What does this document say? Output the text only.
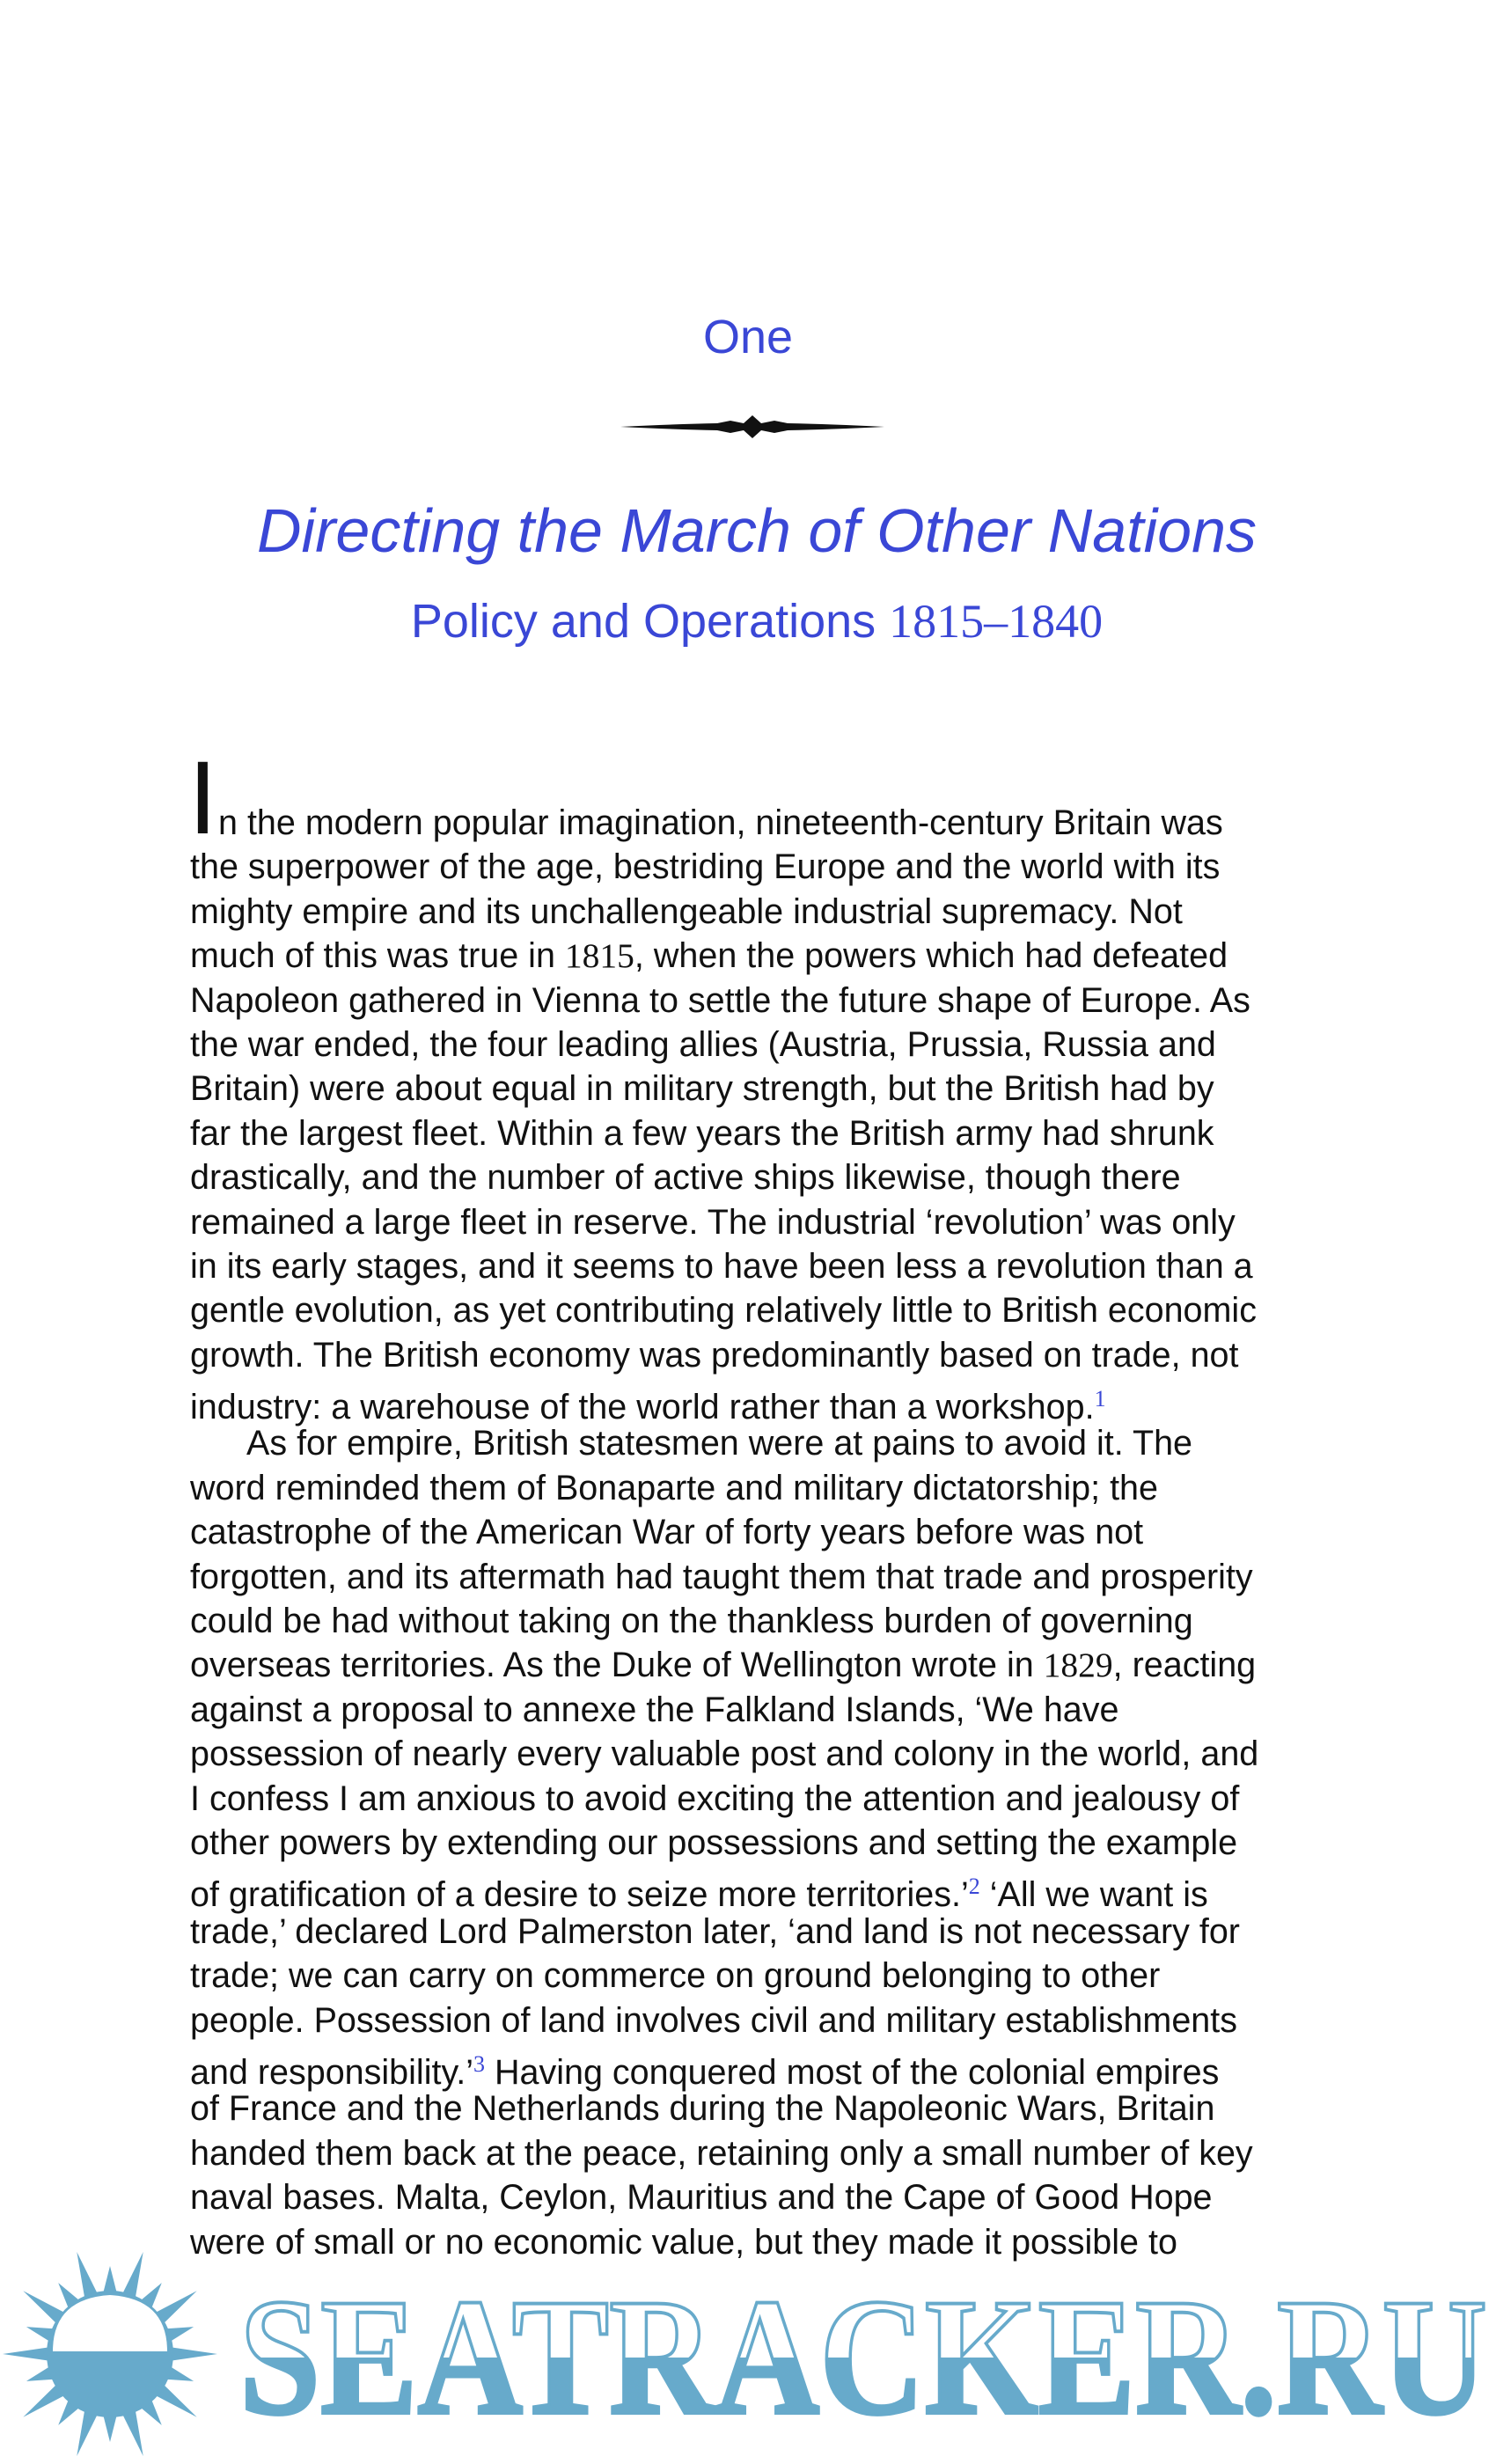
One
Directing the March of Other Nations
Policy and Operations 1815–1840
I n the modern popular imagination, nineteenth-century Britain was
the superpower of the age, bestriding Europe and the world with its
mighty empire and its unchallengeable industrial supremacy. Not
much of this was true in 1815, when the powers which had defeated
Napoleon gathered in Vienna to settle the future shape of Europe. As
the war ended, the four leading allies (Austria, Prussia, Russia and
Britain) were about equal in military strength, but the British had by
far the largest fleet. Within a few years the British army had shrunk
drastically, and the number of active ships likewise, though there
remained a large fleet in reserve. The industrial ‘revolution’ was only
in its early stages, and it seems to have been less a revolution than a
gentle evolution, as yet contributing relatively little to British economic
growth. The British economy was predominantly based on trade, not
industry: a warehouse of the world rather than a workshop.$^1$
As for empire, British statesmen were at pains to avoid it. The
word reminded them of Bonaparte and military dictatorship; the
catastrophe of the American War of forty years before was not
forgotten, and its aftermath had taught them that trade and prosperity
could be had without taking on the thankless burden of governing
overseas territories. As the Duke of Wellington wrote in 1829, reacting
against a proposal to annexe the Falkland Islands, ‘We have
possession of nearly every valuable post and colony in the world, and
I confess I am anxious to avoid exciting the attention and jealousy of
other powers by extending our possessions and setting the example
of gratification of a desire to seize more territories.’$^2$ ‘All we want is
trade,’ declared Lord Palmerston later, ‘and land is not necessary for
trade; we can carry on commerce on ground belonging to other
people. Possession of land involves civil and military establishments
and responsibility.’$^3$ Having conquered most of the colonial empires
of France and the Netherlands during the Napoleonic Wars, Britain
handed them back at the peace, retaining only a small number of key
naval bases. Malta, Ceylon, Mauritius and the Cape of Good Hope
were of small or no economic value, but they made it possible to
SEATRACKER.RU
